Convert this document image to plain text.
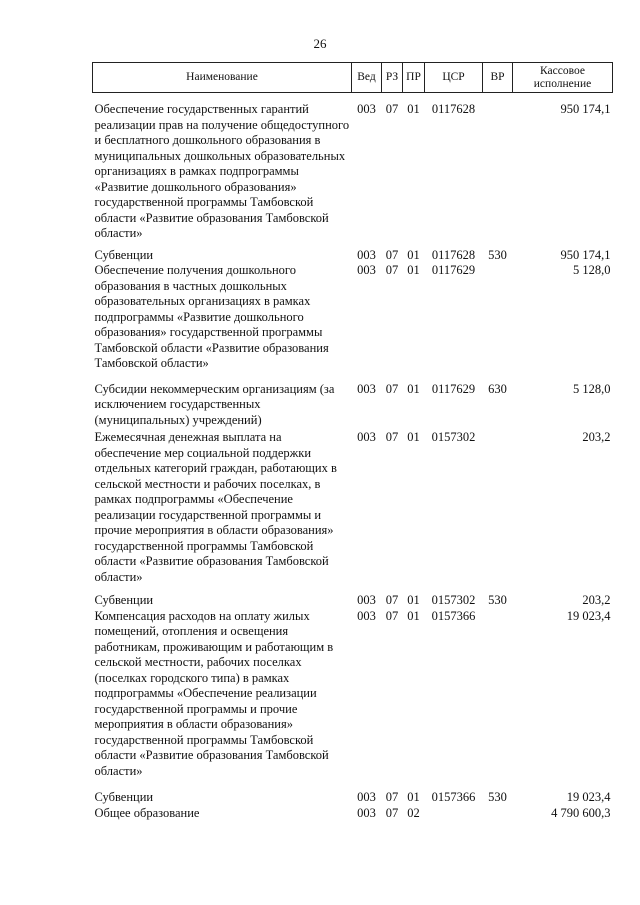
26
Наименование	Вед	РЗ	ПР	ЦСР	ВР	Кассовое исполнение
Обеспечение государственных гарантий реализации прав на получение общедоступного и бесплатного дошкольного образования в муниципальных дошкольных образовательных организациях в рамках подпрограммы «Развитие дошкольного образования» государственной программы Тамбовской области «Развитие образования Тамбовской области»	003	07	01	0117628		950 174,1

Субвенции	003	07	01	0117628	530	950 174,1
Обеспечение получения дошкольного образования в частных дошкольных образовательных организациях в рамках подпрограммы «Развитие дошкольного образования» государственной программы Тамбовской области «Развитие образования Тамбовской области»	003	07	01	0117629		5 128,0

Субсидии некоммерческим организациям (за исключением государственных (муниципальных) учреждений)	003	07	01	0117629	630	5 128,0

Ежемесячная денежная выплата на обеспечение мер социальной поддержки отдельных категорий граждан, работающих в сельской местности и рабочих поселках, в рамках подпрограммы «Обеспечение реализации государственной программы и прочие мероприятия в области образования» государственной программы Тамбовской области «Развитие образования Тамбовской области»	003	07	01	0157302		203,2

Субвенции	003	07	01	0157302	530	203,2
Компенсация расходов на оплату жилых помещений, отопления и освещения работникам, проживающим и работающим в сельской местности, рабочих поселках (поселках городского типа) в рамках подпрограммы «Обеспечение реализации государственной программы и прочие мероприятия в области образования» государственной программы Тамбовской области «Развитие образования Тамбовской области»	003	07	01	0157366		19 023,4

Субвенции	003	07	01	0157366	530	19 023,4
Общее образование	003	07	02			4 790 600,3
